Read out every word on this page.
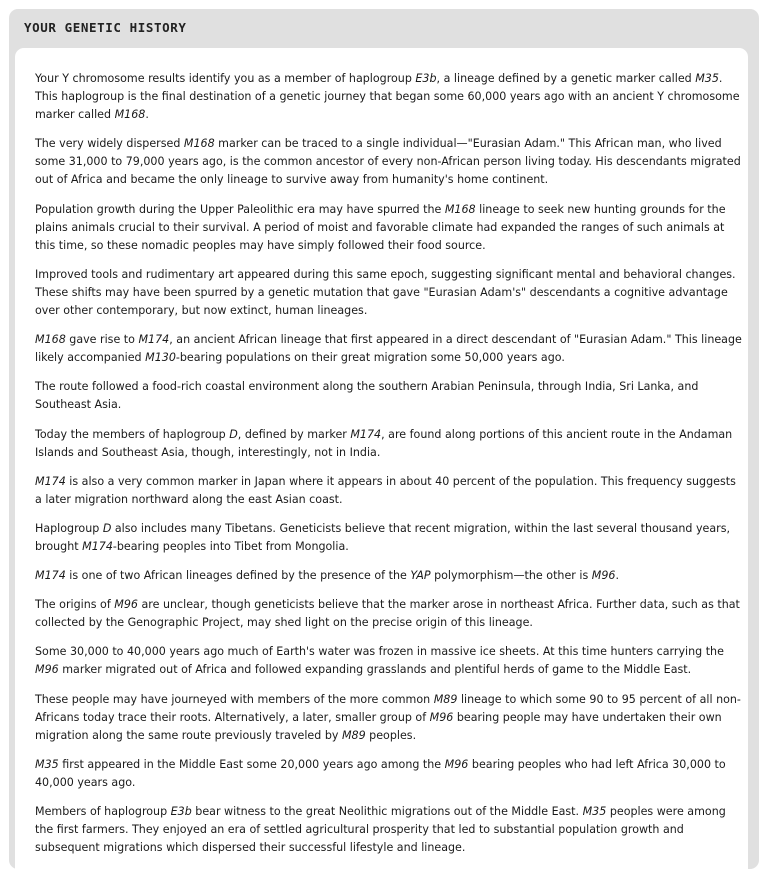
YOUR GENETIC HISTORY

Your Y chromosome results identify you as a member of haplogroup E3b, a lineage defined by a genetic marker called M35. This haplogroup is the final destination of a genetic journey that began some 60,000 years ago with an ancient Y chromosome marker called M168.

The very widely dispersed M168 marker can be traced to a single individual—"Eurasian Adam." This African man, who lived some 31,000 to 79,000 years ago, is the common ancestor of every non-African person living today. His descendants migrated out of Africa and became the only lineage to survive away from humanity's home continent.

Population growth during the Upper Paleolithic era may have spurred the M168 lineage to seek new hunting grounds for the plains animals crucial to their survival. A period of moist and favorable climate had expanded the ranges of such animals at this time, so these nomadic peoples may have simply followed their food source.

Improved tools and rudimentary art appeared during this same epoch, suggesting significant mental and behavioral changes. These shifts may have been spurred by a genetic mutation that gave "Eurasian Adam's" descendants a cognitive advantage over other contemporary, but now extinct, human lineages.

M168 gave rise to M174, an ancient African lineage that first appeared in a direct descendant of "Eurasian Adam." This lineage likely accompanied M130-bearing populations on their great migration some 50,000 years ago.

The route followed a food-rich coastal environment along the southern Arabian Peninsula, through India, Sri Lanka, and Southeast Asia.

Today the members of haplogroup D, defined by marker M174, are found along portions of this ancient route in the Andaman Islands and Southeast Asia, though, interestingly, not in India.

M174 is also a very common marker in Japan where it appears in about 40 percent of the population. This frequency suggests a later migration northward along the east Asian coast.

Haplogroup D also includes many Tibetans. Geneticists believe that recent migration, within the last several thousand years, brought M174-bearing peoples into Tibet from Mongolia.

M174 is one of two African lineages defined by the presence of the YAP polymorphism—the other is M96.

The origins of M96 are unclear, though geneticists believe that the marker arose in northeast Africa. Further data, such as that collected by the Genographic Project, may shed light on the precise origin of this lineage.

Some 30,000 to 40,000 years ago much of Earth's water was frozen in massive ice sheets. At this time hunters carrying the M96 marker migrated out of Africa and followed expanding grasslands and plentiful herds of game to the Middle East.

These people may have journeyed with members of the more common M89 lineage to which some 90 to 95 percent of all non-Africans today trace their roots. Alternatively, a later, smaller group of M96 bearing people may have undertaken their own migration along the same route previously traveled by M89 peoples.

M35 first appeared in the Middle East some 20,000 years ago among the M96 bearing peoples who had left Africa 30,000 to 40,000 years ago.

Members of haplogroup E3b bear witness to the great Neolithic migrations out of the Middle East. M35 peoples were among the first farmers. They enjoyed an era of settled agricultural prosperity that led to substantial population growth and subsequent migrations which dispersed their successful lifestyle and lineage.
